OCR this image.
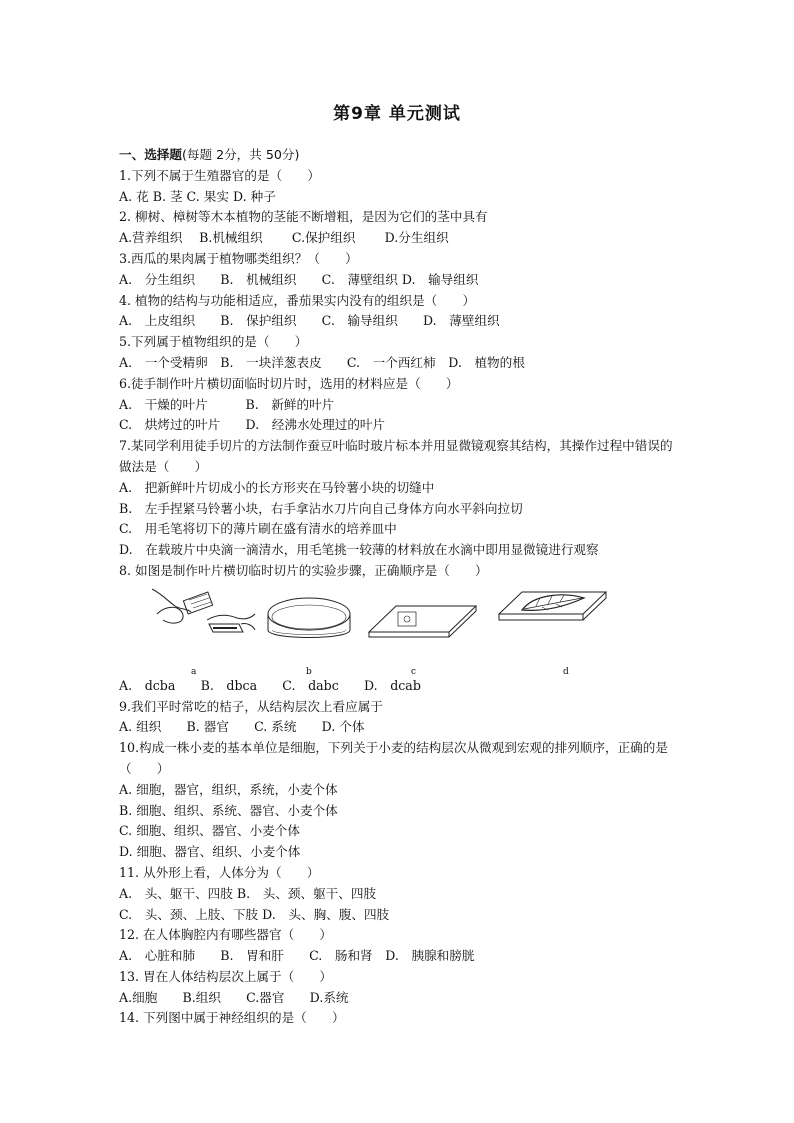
第9章 单元测试
一、选择题(每题 2分，共 50分)
1.下列不属于生殖器官的是（　　）
A. 花 B. 茎 C. 果实 D. 种子
2. 柳树、樟树等木本植物的茎能不断增粗，是因为它们的茎中具有
A.营养组织　 B.机械组织　　 C.保护组织　　 D.分生组织
3.西瓜的果肉属于植物哪类组织？（　　）
A.　分生组织　　B.　机械组织　　C.　薄壁组织 D.　输导组织
4. 植物的结构与功能相适应，番茄果实内没有的组织是（　　）
A.　上皮组织　　B.　保护组织　　C.　输导组织　　D.　薄壁组织
5.下列属于植物组织的是（　　）
A.　一个受精卵　B.　一块洋葱表皮　　C.　一个西红柿　D.　植物的根
6.徒手制作叶片横切面临时切片时，选用的材料应是（　　）
A.　干燥的叶片　　　B.　新鲜的叶片
C.　烘烤过的叶片　　D.　经沸水处理过的叶片
7.某同学利用徒手切片的方法制作蚕豆叶临时玻片标本并用显微镜观察其结构，其操作过程中错误的做法是（　　）
A.　把新鲜叶片切成小的长方形夹在马铃薯小块的切缝中
B.　左手捏紧马铃薯小块，右手拿沾水刀片向自己身体方向水平斜向拉切
C.　用毛笔将切下的薄片刷在盛有清水的培养皿中
D.　在载玻片中央滴一滴清水，用毛笔挑一较薄的材料放在水滴中即用显微镜进行观察
8. 如图是制作叶片横切临时切片的实验步骤，正确顺序是（　　）
a	b	c	d
A.　dcba　　B.　dbca　　C.　dabc　　D.　dcab
9.我们平时常吃的桔子，从结构层次上看应属于
A. 组织　　B. 器官　　C. 系统　　D. 个体
10.构成一株小麦的基本单位是细胞，下列关于小麦的结构层次从微观到宏观的排列顺序，正确的是（　　）
A. 细胞，器官，组织，系统，小麦个体
B. 细胞、组织、系统、器官、小麦个体
C. 细胞、组织、器官、小麦个体
D. 细胞、器官、组织、小麦个体
11. 从外形上看，人体分为（　　）
A.　头、躯干、四肢 B.　头、颈、躯干、四肢
C.　头、颈、上肢、下肢 D.　头、胸、腹、四肢
12. 在人体胸腔内有哪些器官（　　）
A.　心脏和肺　　B.　胃和肝　　C.　肠和肾　D.　胰腺和膀胱
13. 胃在人体结构层次上属于（　　）
A.细胞　　B.组织　　C.器官　　D.系统
14. 下列图中属于神经组织的是（　　）
